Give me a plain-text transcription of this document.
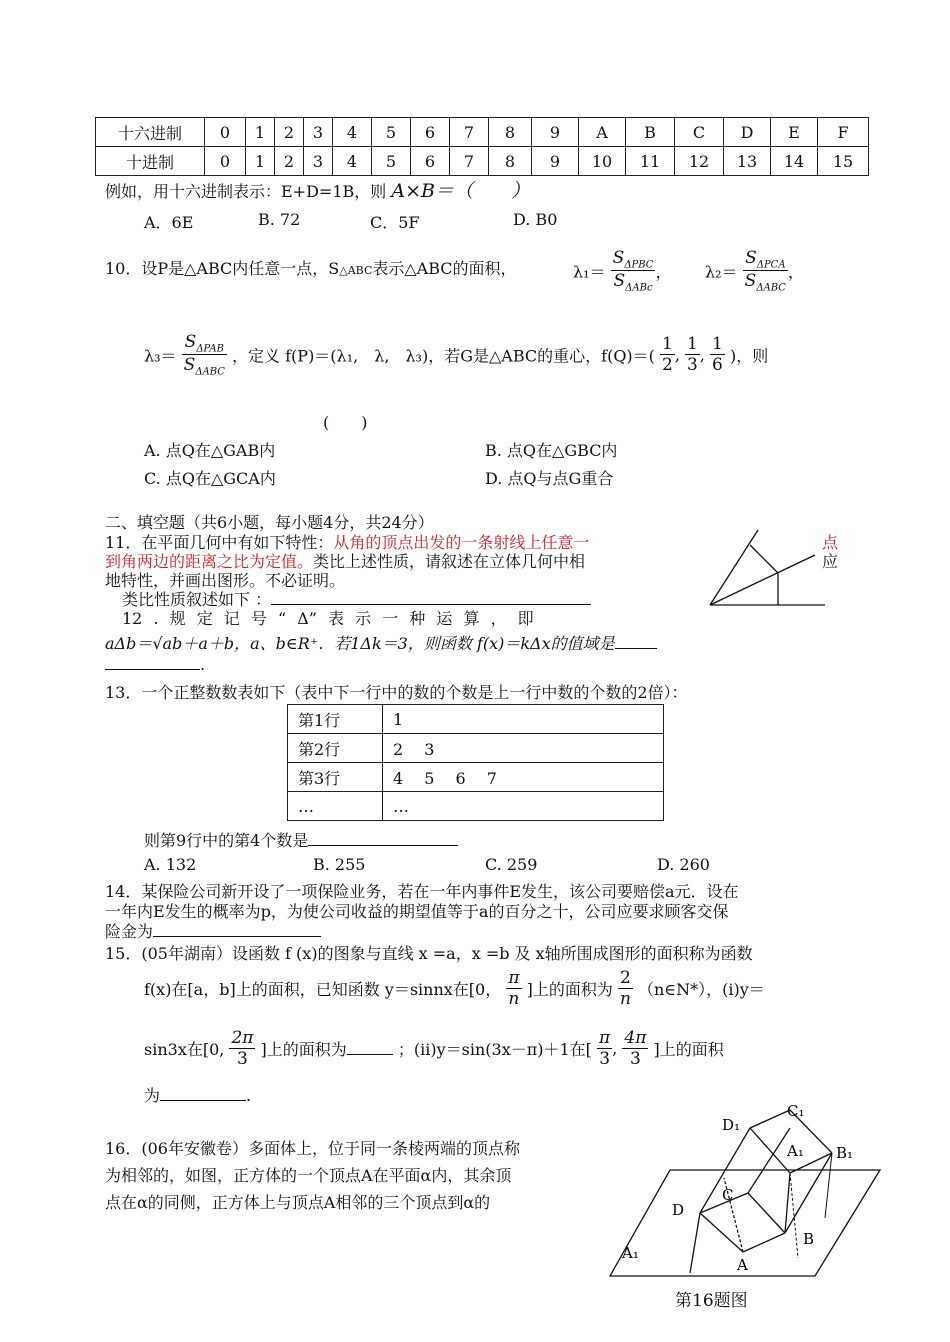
十六进制	0	1	2	3	4	5	6	7	8	9	A	B	C	D	E	F
十进制	0	1	2	3	4	5	6	7	8	9	10	11	12	13	14	15
例如，用十六进制表示：E+D=1B，则 A×B＝（　　）
A．6E	B. 72	C．5F	D. B0
10．设P是△ABC内任意一点，S△ABC表示△ABC的面积，	$\lambda_1= \frac{S_{\Delta PBC}}{S_{\Delta ABc}}$ ， $\lambda_2= \frac{S_{\Delta PCA}}{S_{\Delta ABC}}$ ，
$\lambda_3= \frac{S_{\Delta PAB}}{S_{\Delta ABC}}$ ，定义 f(P)＝(λ₁,　λ,　λ₃)，若G是△ABC的重心，$f(Q)=( \frac{1}{2}$ , $\frac{1}{3}$ , $\frac{1}{6}$ )，则
(　　)
A. 点Q在△GAB内	B. 点Q在△GBC内
C. 点Q在△GCA内	D. 点Q与点G重合
二、填空题（共6小题，每小题4分，共24分）
11．在平面几何中有如下特性：从角的顶点出发的一条射线上任意一	点
到角两边的距离之比为定值。类比上述性质，请叙述在立体几何中相	应
地特性，并画出图形。不必证明。
类比性质叙述如下 ：
12 . 规 定 记 号 “ Δ” 表 示 一 种 运 算 ， 即
aΔb＝√ab＋a＋b，a、b∈R⁺．若1Δk＝3，则函数 f(x)＝kΔx的值域是
.
13．一个正整数数表如下（表中下一行中的数的个数是上一行中数的个数的2倍）：
第1行	1
第2行	2　 3
第3行	4　 5　 6　 7
…	…
则第9行中的第4个数是
A. 132	B. 255	C. 259	D. 260
14．某保险公司新开设了一项保险业务，若在一年内事件E发生，该公司要赔偿a元．设在
一年内E发生的概率为p，为使公司收益的期望值等于a的百分之十，公司应要求顾客交保
险金为
15．(05年湖南）设函数 f (x)的图象与直线 x =a，x =b 及 x轴所围成图形的面积称为函数
f(x)在[a，b]上的面积，已知函数 y＝sinnx在[0， $\frac{\pi}{n}$ ]上的面积为 $\frac{2}{n}$ （n∈N*），(i)y＝
sin3x在[0, $\frac{2\pi}{3}$ ]上的面积为	；(ii)y＝sin(3x－π)＋1在[ $\frac{\pi}{3}$ , $\frac{4\pi}{3}$ ]上的面积
为	.
16．(06年安徽卷）多面体上，位于同一条棱两端的顶点称
为相邻的，如图，正方体的一个顶点A在平面α内，其余顶
点在α的同侧，正方体上与顶点A相邻的三个顶点到α的
C₁
D₁
A₁ B₁
C
D
B
A
A₁
第16题图
